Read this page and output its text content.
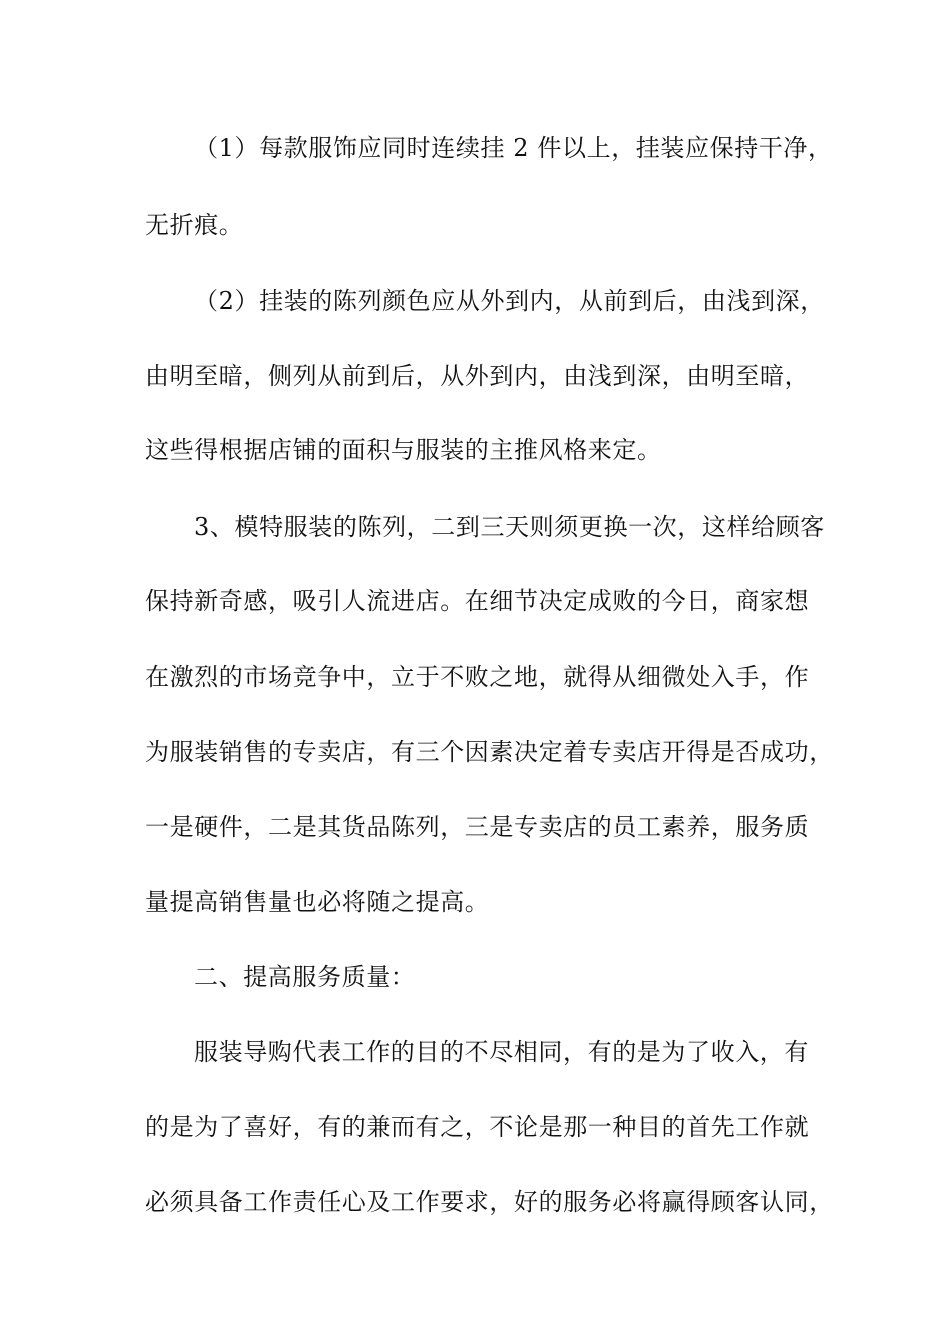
（1）每款服饰应同时连续挂 2 件以上，挂装应保持干净，
无折痕。
（2）挂装的陈列颜色应从外到内，从前到后，由浅到深，
由明至暗，侧列从前到后，从外到内，由浅到深，由明至暗，
这些得根据店铺的面积与服装的主推风格来定。
3、模特服装的陈列，二到三天则须更换一次，这样给顾客
保持新奇感，吸引人流进店。在细节决定成败的今日，商家想
在激烈的市场竞争中，立于不败之地，就得从细微处入手，作
为服装销售的专卖店，有三个因素决定着专卖店开得是否成功，
一是硬件，二是其货品陈列，三是专卖店的员工素养，服务质
量提高销售量也必将随之提高。
二、提高服务质量：
服装导购代表工作的目的不尽相同，有的是为了收入，有
的是为了喜好，有的兼而有之，不论是那一种目的首先工作就
必须具备工作责任心及工作要求，好的服务必将赢得顾客认同，
